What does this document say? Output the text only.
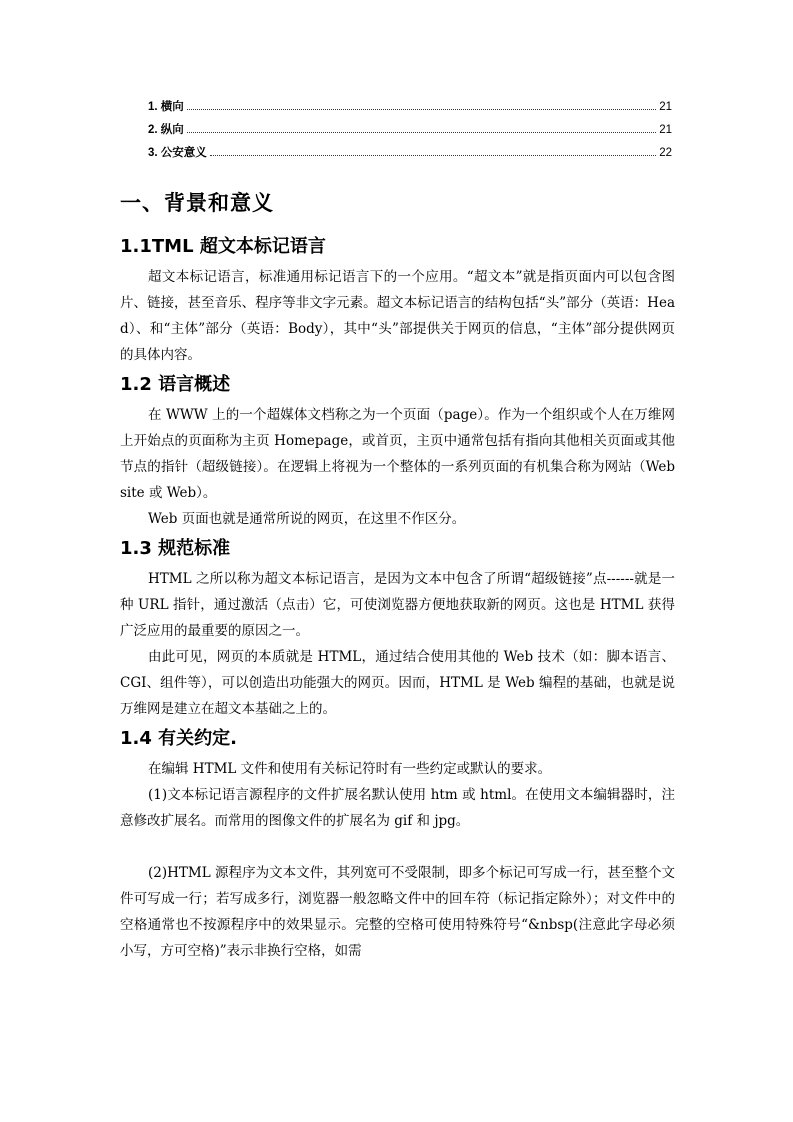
1. 横向	21
2. 纵向	21
3. 公安意义	22
一、背景和意义
1.1TML 超文本标记语言

超文本标记语言，标准通用标记语言下的一个应用。“超文本”就是指页面内可以包含图片、链接，甚至音乐、程序等非文字元素。超文本标记语言的结构包括“头”部分（英语：Head）、和“主体”部分（英语：Body），其中“头”部提供关于网页的信息，“主体”部分提供网页的具体内容。

1.2 语言概述

在 WWW 上的一个超媒体文档称之为一个页面（page）。作为一个组织或个人在万维网上开始点的页面称为主页 Homepage，或首页，主页中通常包括有指向其他相关页面或其他节点的指针（超级链接）。在逻辑上将视为一个整体的一系列页面的有机集合称为网站（Website 或 Web）。

Web 页面也就是通常所说的网页，在这里不作区分。

1.3 规范标准

HTML 之所以称为超文本标记语言，是因为文本中包含了所谓“超级链接”点------就是一种 URL 指针，通过激活（点击）它，可使浏览器方便地获取新的网页。这也是 HTML 获得广泛应用的最重要的原因之一。

由此可见，网页的本质就是 HTML，通过结合使用其他的 Web 技术（如：脚本语言、CGI、组件等），可以创造出功能强大的网页。因而，HTML 是 Web 编程的基础，也就是说万维网是建立在超文本基础之上的。

1.4 有关约定.

在编辑 HTML 文件和使用有关标记符时有一些约定或默认的要求。

(1)文本标记语言源程序的文件扩展名默认使用 htm 或 html。在使用文本编辑器时，注意修改扩展名。而常用的图像文件的扩展名为 gif 和 jpg。

(2)HTML 源程序为文本文件，其列宽可不受限制，即多个标记可写成一行，甚至整个文件可写成一行；若写成多行，浏览器一般忽略文件中的回车符（标记指定除外）；对文件中的空格通常也不按源程序中的效果显示。完整的空格可使用特殊符号“&nbsp(注意此字母必须小写，方可空格)”表示非换行空格，如需
